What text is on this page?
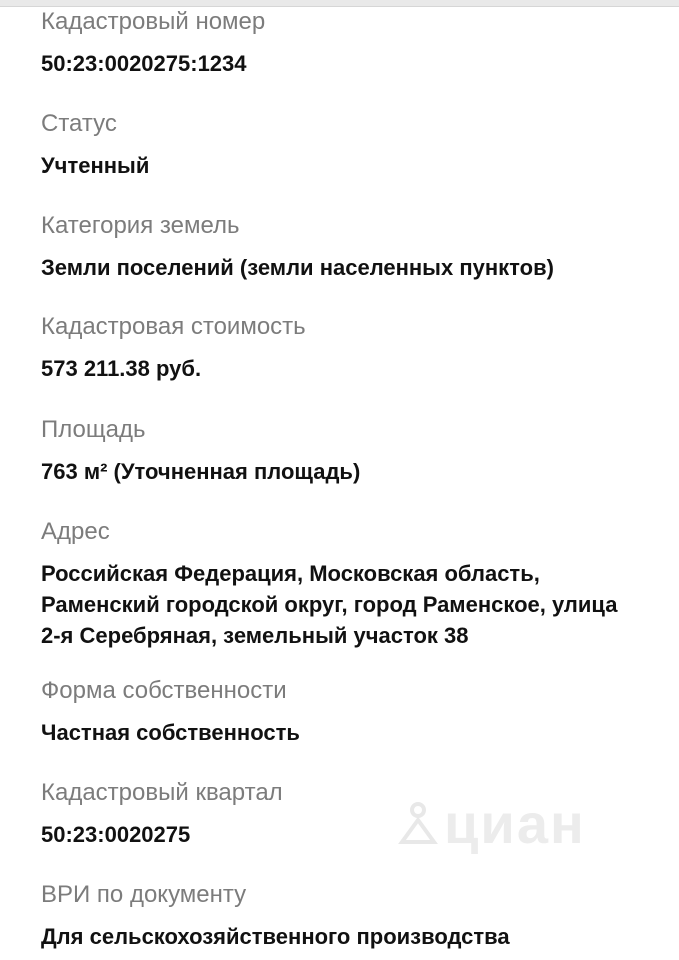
Кадастровый номер
50:23:0020275:1234
Статус
Учтенный
Категория земель
Земли поселений (земли населенных пунктов)
Кадастровая стоимость
573 211.38 руб.
Площадь
763 м² (Уточненная площадь)
Адрес
Российская Федерация, Московская область,
Раменский городской округ, город Раменское, улица
2-я Серебряная, земельный участок 38
Форма собственности
Частная собственность
Кадастровый квартал
50:23:0020275
ВРИ по документу
Для сельскохозяйственного производства
циан
